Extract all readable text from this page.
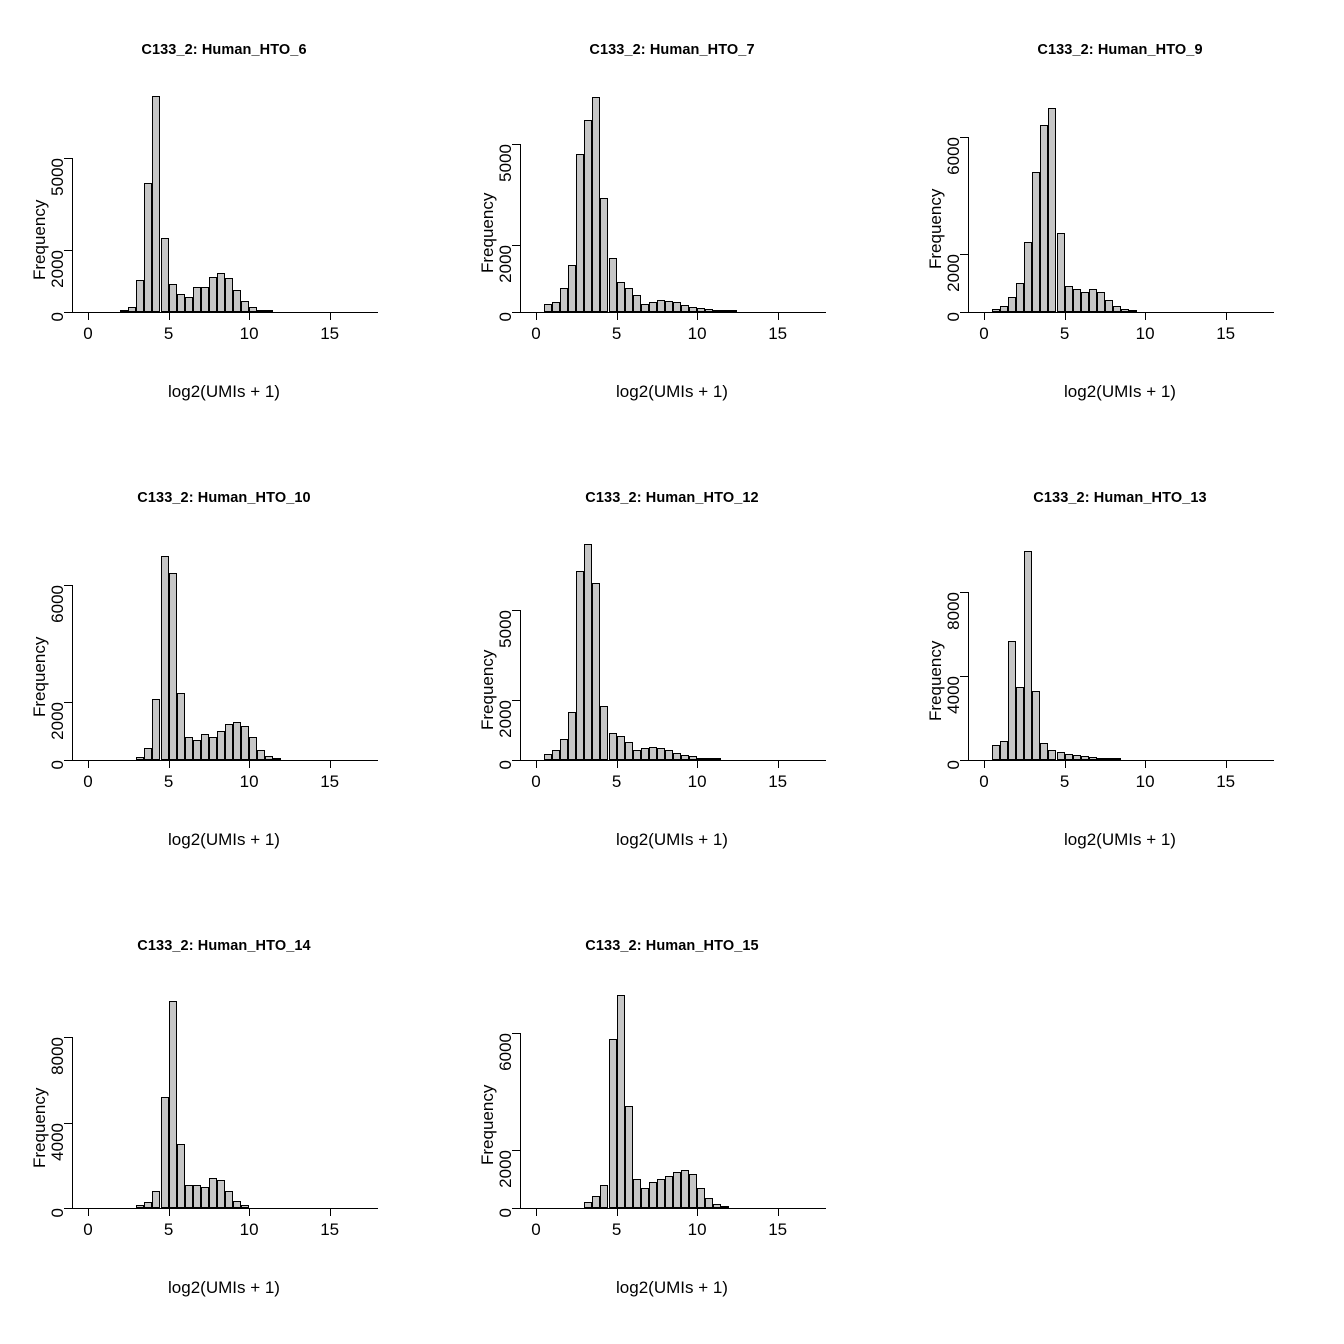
C133_2: Human_HTO_6
0	5	10	15
0
2000
5000
Frequency
log2(UMIs + 1)
C133_2: Human_HTO_7
0	5	10	15
0
2000
5000
Frequency
log2(UMIs + 1)
C133_2: Human_HTO_9
0	5	10	15
0
2000
6000
Frequency
log2(UMIs + 1)
C133_2: Human_HTO_10
0	5	10	15
0
2000
6000
Frequency
log2(UMIs + 1)
C133_2: Human_HTO_12
0	5	10	15
0
2000
5000
Frequency
log2(UMIs + 1)
C133_2: Human_HTO_13
0	5	10	15
0
4000
8000
Frequency
log2(UMIs + 1)
C133_2: Human_HTO_14
0	5	10	15
0
4000
8000
Frequency
log2(UMIs + 1)
C133_2: Human_HTO_15
0	5	10	15
0
2000
6000
Frequency
log2(UMIs + 1)
